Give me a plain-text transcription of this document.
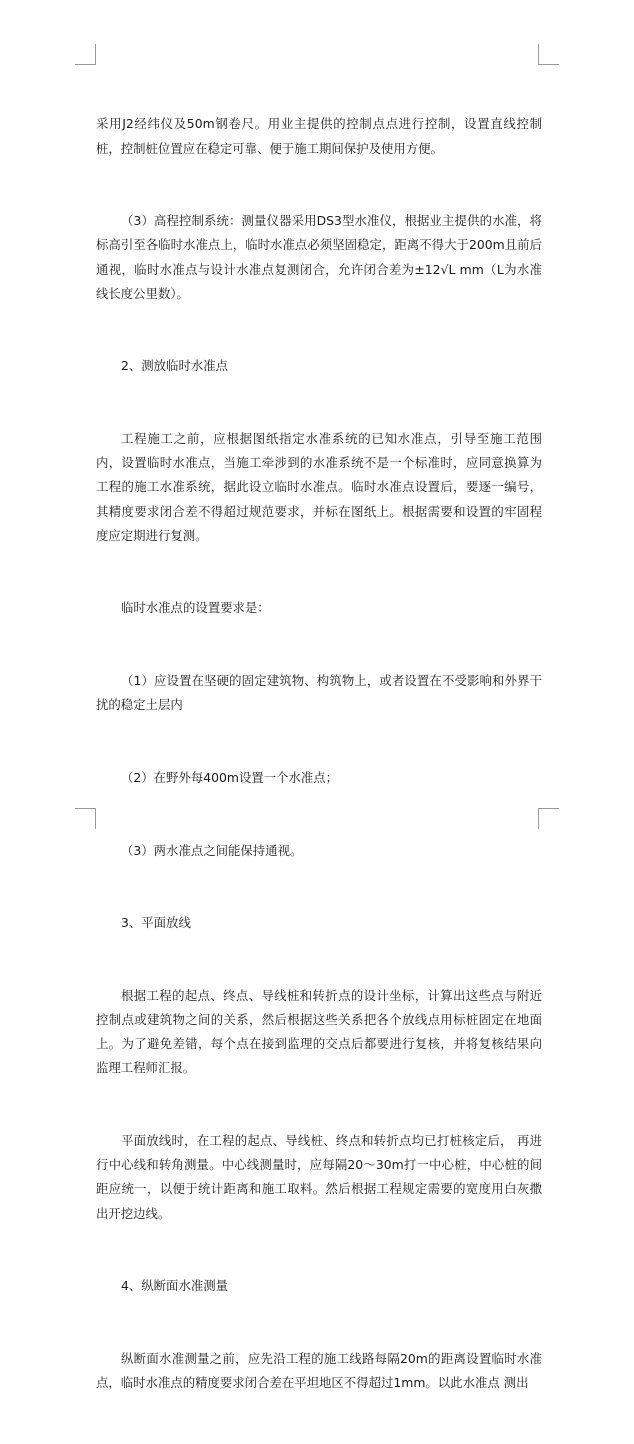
采用J2经纬仪及50m钢卷尺。用业主提供的控制点点进行控制，设置直线控制桩，控制桩位置应在稳定可靠、便于施工期间保护及使用方便。

（3）高程控制系统：测量仪器采用DS3型水准仪，根据业主提供的水准，将标高引至各临时水准点上，临时水准点必须坚固稳定，距离不得大于200m且前后通视，临时水准点与设计水准点复测闭合，允许闭合差为±12√L mm（L为水准线长度公里数）。

2、测放临时水准点

工程施工之前，应根据图纸指定水准系统的已知水准点，引导至施工范围内，设置临时水准点，当施工牵涉到的水准系统不是一个标准时，应同意换算为工程的施工水准系统，据此设立临时水准点。临时水准点设置后，要逐一编号，其精度要求闭合差不得超过规范要求，并标在图纸上。根据需要和设置的牢固程度应定期进行复测。

临时水准点的设置要求是：

（1）应设置在坚硬的固定建筑物、构筑物上，或者设置在不受影响和外界干扰的稳定土层内

（2）在野外每400m设置一个水准点；

（3）两水准点之间能保持通视。

3、平面放线

根据工程的起点、终点、导线桩和转折点的设计坐标，计算出这些点与附近控制点或建筑物之间的关系，然后根据这些关系把各个放线点用标桩固定在地面上。为了避免差错，每个点在接到监理的交点后都要进行复核，并将复核结果向监理工程师汇报。

平面放线时，在工程的起点、导线桩、终点和转折点均已打桩核定后， 再进行中心线和转角测量。中心线测量时，应每隔20～30m打一中心桩，中心桩的间距应统一，以便于统计距离和施工取料。然后根据工程规定需要的宽度用白灰撒出开挖边线。

4、纵断面水准测量

纵断面水准测量之前，应先沿工程的施工线路每隔20m的距离设置临时水准点，临时水准点的精度要求闭合差在平坦地区不得超过1mm。以此水准点 测出
